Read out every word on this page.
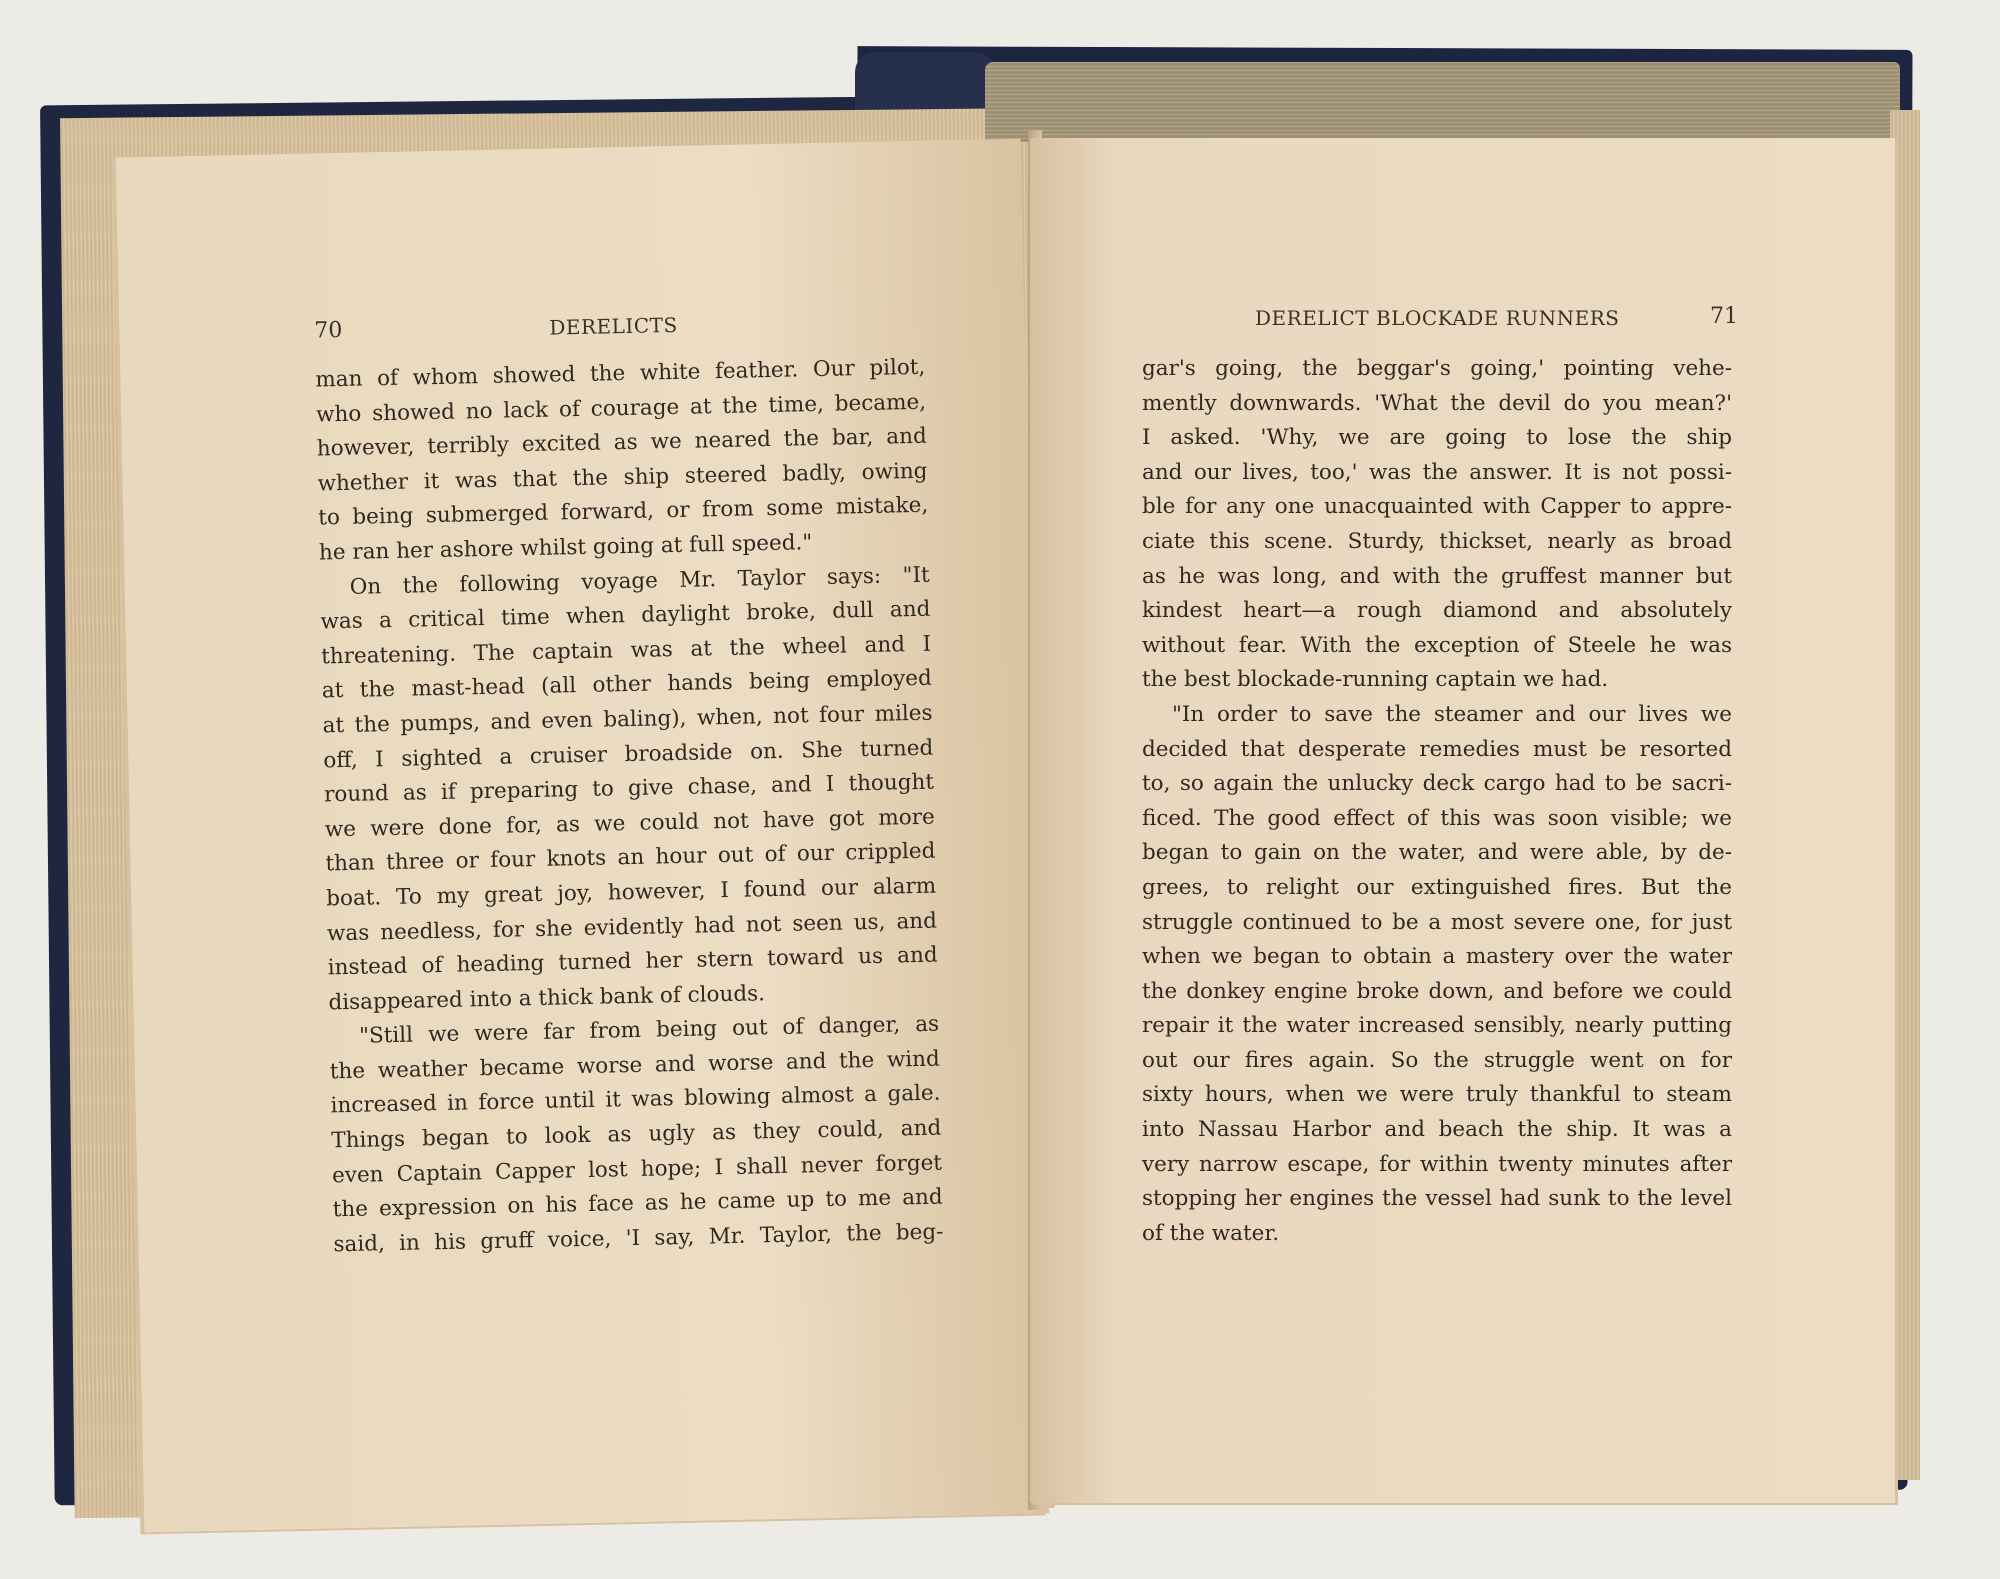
70	DERELICTS
man of whom showed the white feather. Our pilot,
who showed no lack of courage at the time, became,
however, terribly excited as we neared the bar, and
whether it was that the ship steered badly, owing
to being submerged forward, or from some mistake,
he ran her ashore whilst going at full speed."
On the following voyage Mr. Taylor says: "It
was a critical time when daylight broke, dull and
threatening. The captain was at the wheel and I
at the mast-head (all other hands being employed
at the pumps, and even baling), when, not four miles
off, I sighted a cruiser broadside on. She turned
round as if preparing to give chase, and I thought
we were done for, as we could not have got more
than three or four knots an hour out of our crippled
boat. To my great joy, however, I found our alarm
was needless, for she evidently had not seen us, and
instead of heading turned her stern toward us and
disappeared into a thick bank of clouds.
"Still we were far from being out of danger, as
the weather became worse and worse and the wind
increased in force until it was blowing almost a gale.
Things began to look as ugly as they could, and
even Captain Capper lost hope; I shall never forget
the expression on his face as he came up to me and
said, in his gruff voice, 'I say, Mr. Taylor, the beg-
DERELICT BLOCKADE RUNNERS	71
gar's going, the beggar's going,' pointing vehe-
mently downwards. 'What the devil do you mean?'
I asked. 'Why, we are going to lose the ship
and our lives, too,' was the answer. It is not possi-
ble for any one unacquainted with Capper to appre-
ciate this scene. Sturdy, thickset, nearly as broad
as he was long, and with the gruffest manner but
kindest heart—a rough diamond and absolutely
without fear. With the exception of Steele he was
the best blockade-running captain we had.
"In order to save the steamer and our lives we
decided that desperate remedies must be resorted
to, so again the unlucky deck cargo had to be sacri-
ficed. The good effect of this was soon visible; we
began to gain on the water, and were able, by de-
grees, to relight our extinguished fires. But the
struggle continued to be a most severe one, for just
when we began to obtain a mastery over the water
the donkey engine broke down, and before we could
repair it the water increased sensibly, nearly putting
out our fires again. So the struggle went on for
sixty hours, when we were truly thankful to steam
into Nassau Harbor and beach the ship. It was a
very narrow escape, for within twenty minutes after
stopping her engines the vessel had sunk to the level
of the water.
